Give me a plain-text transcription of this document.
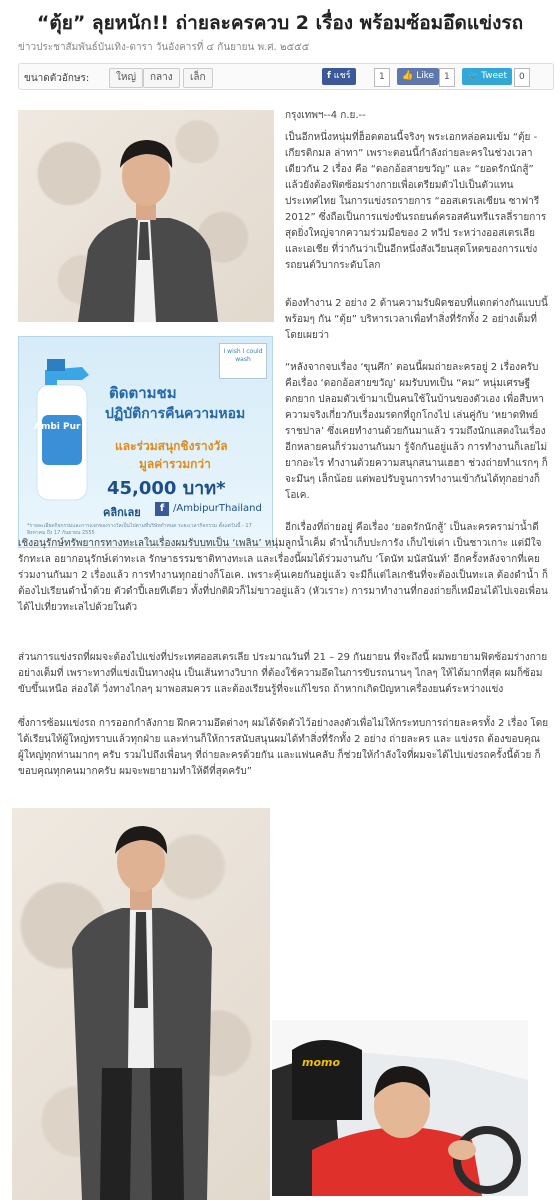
“ตุ้ย” ลุยหนัก!! ถ่ายละครควบ 2 เรื่อง พร้อมซ้อมอึดแข่งรถ
ข่าวประชาสัมพันธ์บันเทิง-ดารา วันอังคารที่ ๔ กันยายน พ.ศ. ๒๕๕๕
ขนาดตัวอักษร:	ใหญ่	กลาง	เล็ก	f แชร์	1	👍 Like	1	🐦 Tweet	0
Ambi Pur
I wish I could wash
ติดตามชม
ปฏิบัติการคืนความหอม
และร่วมสนุกชิงรางวัล
มูลค่ารวมกว่า
45,000 บาท*
คลิกเลย	f /AmbipurThailand
*รายละเอียดกิจกรรมและการแจกของรางวัลเป็นไปตามที่บริษัทกำหนด ระยะเวลากิจกรรม ตั้งแต่วันนี้ - 17 สิงหาคม ถึง 17 กันยายน 2555
กรุงเทพฯ--4 ก.ย.--
เป็นอีกหนึ่งหนุ่มที่ฮ็อตตอนนี้จริงๆ พระเอกหล่อคมเข้ม “ตุ้ย - เกียรติกมล ล่าทา” เพราะตอนนี้กำลังถ่ายละครในช่วงเวลาเดียวกัน 2 เรื่อง คือ “ดอกอ้อสายขวัญ” และ “ยอดรักนักสู้” แล้วยังต้องฟิตซ้อมร่างกายเพื่อเตรียมตัวไปเป็นตัวแทนประเทศไทย ในการแข่งรถรายการ “ออสเตรเลเซียน ซาฟารี 2012” ซึ่งถือเป็นการแข่งขันรถยนต์ครอสคันทรีแรลลี่รายการสุดยิ่งใหญ่จากความร่วมมือของ 2 ทวีป ระหว่างออสเตรเลียและเอเชีย ที่ว่ากันว่าเป็นอีกหนึ่งสังเวียนสุดโหดของการแข่งรถยนต์วิบากระดับโลก
ต้องทำงาน 2 อย่าง 2 ด้านความรับผิดชอบที่แตกต่างกันแบบนี้ พร้อมๆ กัน “ตุ้ย” บริหารเวลาเพื่อทำสิ่งที่รักทั้ง 2 อย่างเต็มที่โดยเผยว่า
“หลังจากจบเรื่อง ‘ขุนศึก’ ตอนนี้ผมถ่ายละครอยู่ 2 เรื่องครับ คือเรื่อง ‘ดอกอ้อสายขวัญ’ ผมรับบทเป็น “คม” หนุ่มเศรษฐีตกยาก ปลอมตัวเข้ามาเป็นคนใช้ในบ้านของตัวเอง เพื่อสืบหาความจริงเกี่ยวกับเรื่องมรดกที่ถูกโกงไป เล่นคู่กับ ‘หยาดทิพย์ ราชปาล’ ซึ่งเคยทำงานด้วยกันมาแล้ว รวมถึงนักแสดงในเรื่องอีกหลายคนก็ร่วมงานกันมา รู้จักกันอยู่แล้ว การทำงานก็เลยไม่ยากอะไร ทำงานด้วยความสนุกสนานเฮฮา ช่วงถ่ายทำแรกๆ ก็จะมึนๆ เล็กน้อย แต่พอปรับจูนการทำงานเข้ากันได้ทุกอย่างก็โอเค.
อีกเรื่องที่ถ่ายอยู่ คือเรื่อง ‘ยอดรักนักสู้’ เป็นละครคราม่าน้ำดีเชิงอนุรักษ์ทรัพยากรทางทะเลในเรื่องผมรับบทเป็น ‘เพลิน’ หนุ่มลูกน้ำเค็ม ดำน้ำเก็บปะการัง เก็บไข่เต่า เป็นชาวเกาะ แต่มีใจรักทะเล อยากอนุรักษ์เต่าทะเล รักษาธรรมชาติทางทะเล และเรื่องนี้ผมได้ร่วมงานกับ ‘โดนัท มนัสนันท์’ อีกครั้งหลังจากที่เคยร่วมงานกันมา 2 เรื่องแล้ว การทำงานทุกอย่างก็โอเค. เพราะคุ้นเคยกันอยู่แล้ว จะมีก็แต่ไลเกชันที่จะต้องเป็นทะเล ต้องดำน้ำ ก็ต้องไปเรียนดำน้ำด้วย ตัวดำปี้เลยทีเดียว ทั้งที่ปกติผิวก็ไม่ขาวอยู่แล้ว (หัวเราะ) การมาทำงานที่กองถ่ายก็เหมือนได้ไปเจอเพื่อน ได้ไปเที่ยวทะเลไปด้วยในตัว
ส่วนการแข่งรถที่ผมจะต้องไปแข่งที่ประเทศออสเตรเลีย ประมาณวันที่ 21 – 29 กันยายน ที่จะถึงนี้ ผมพยายามฟิตซ้อมร่างกายอย่างเต็มที่ เพราะทางที่แข่งเป็นทางฝุ่น เป็นเส้นทางวิบาก ที่ต้องใช้ความอึดในการขับรถนานๆ ไกลๆ ให้ได้มากที่สุด ผมก็ซ้อมขับขึ้นเหนือ ล่องใต้ วิ่งทางไกลๆ มาพอสมควร และต้องเรียนรู้ที่จะแก้ไขรถ ถ้าหากเกิดปัญหาเครื่องยนต์ระหว่างแข่ง
ซึ่งการซ้อมแข่งรถ การออกกำลังกาย ฝึกความอึดต่างๆ ผมได้จัดตัวไว้อย่างลงตัวเพื่อไม่ให้กระทบการถ่ายละครทั้ง 2 เรื่อง โดยได้เรียนให้ผู้ใหญ่ทราบแล้วทุกฝ่าย และท่านก็ให้การสนับสนุนผมได้ทำสิ่งที่รักทั้ง 2 อย่าง ถ่ายละคร และ แข่งรถ ต้องขอบคุณผู้ใหญ่ทุกท่านมากๆ ครับ รวมไปถึงเพื่อนๆ ที่ถ่ายละครด้วยกัน และแฟนคลับ ก็ช่วยให้กำลังใจที่ผมจะได้ไปแข่งรถครั้งนี้ด้วย ก็ขอบคุณทุกคนมากครับ ผมจะพยายามทำให้ดีที่สุดครับ”
momo
